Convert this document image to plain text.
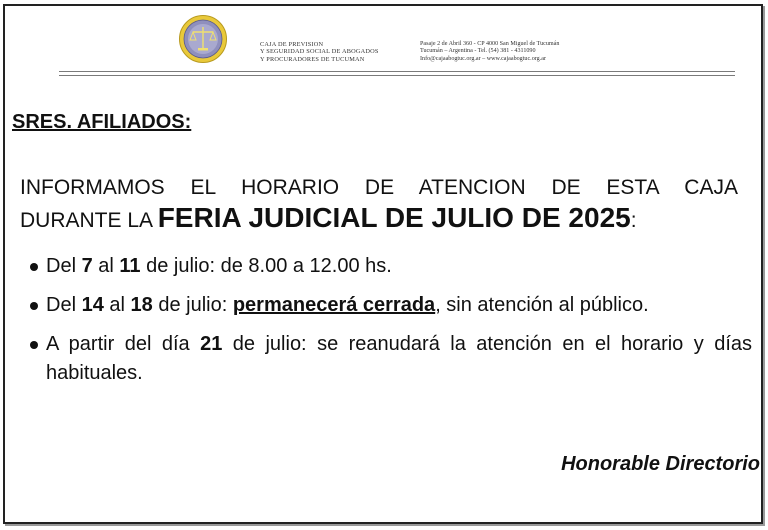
CAJA DE PREVISION
Y SEGURIDAD SOCIAL DE ABOGADOS
Y PROCURADORES DE TUCUMAN
Pasaje 2 de Abril 360 - CP 4000 San Miguel de Tucumán
Tucumán – Argentina - Tel. (54) 381 - 4311090
Info@cajaabogtuc.org.ar – www.cajaabogtuc.org.ar
SRES. AFILIADOS:
INFORMAMOS EL HORARIO DE ATENCION DE ESTA CAJA
DURANTE LA FERIA JUDICIAL DE JULIO DE 2025:
Del 7 al 11 de julio: de 8.00 a 12.00 hs.
Del 14 al 18 de julio: permanecerá cerrada, sin atención al público.
A partir del día 21 de julio: se reanudará la atención en el horario y días habituales.
Honorable Directorio
